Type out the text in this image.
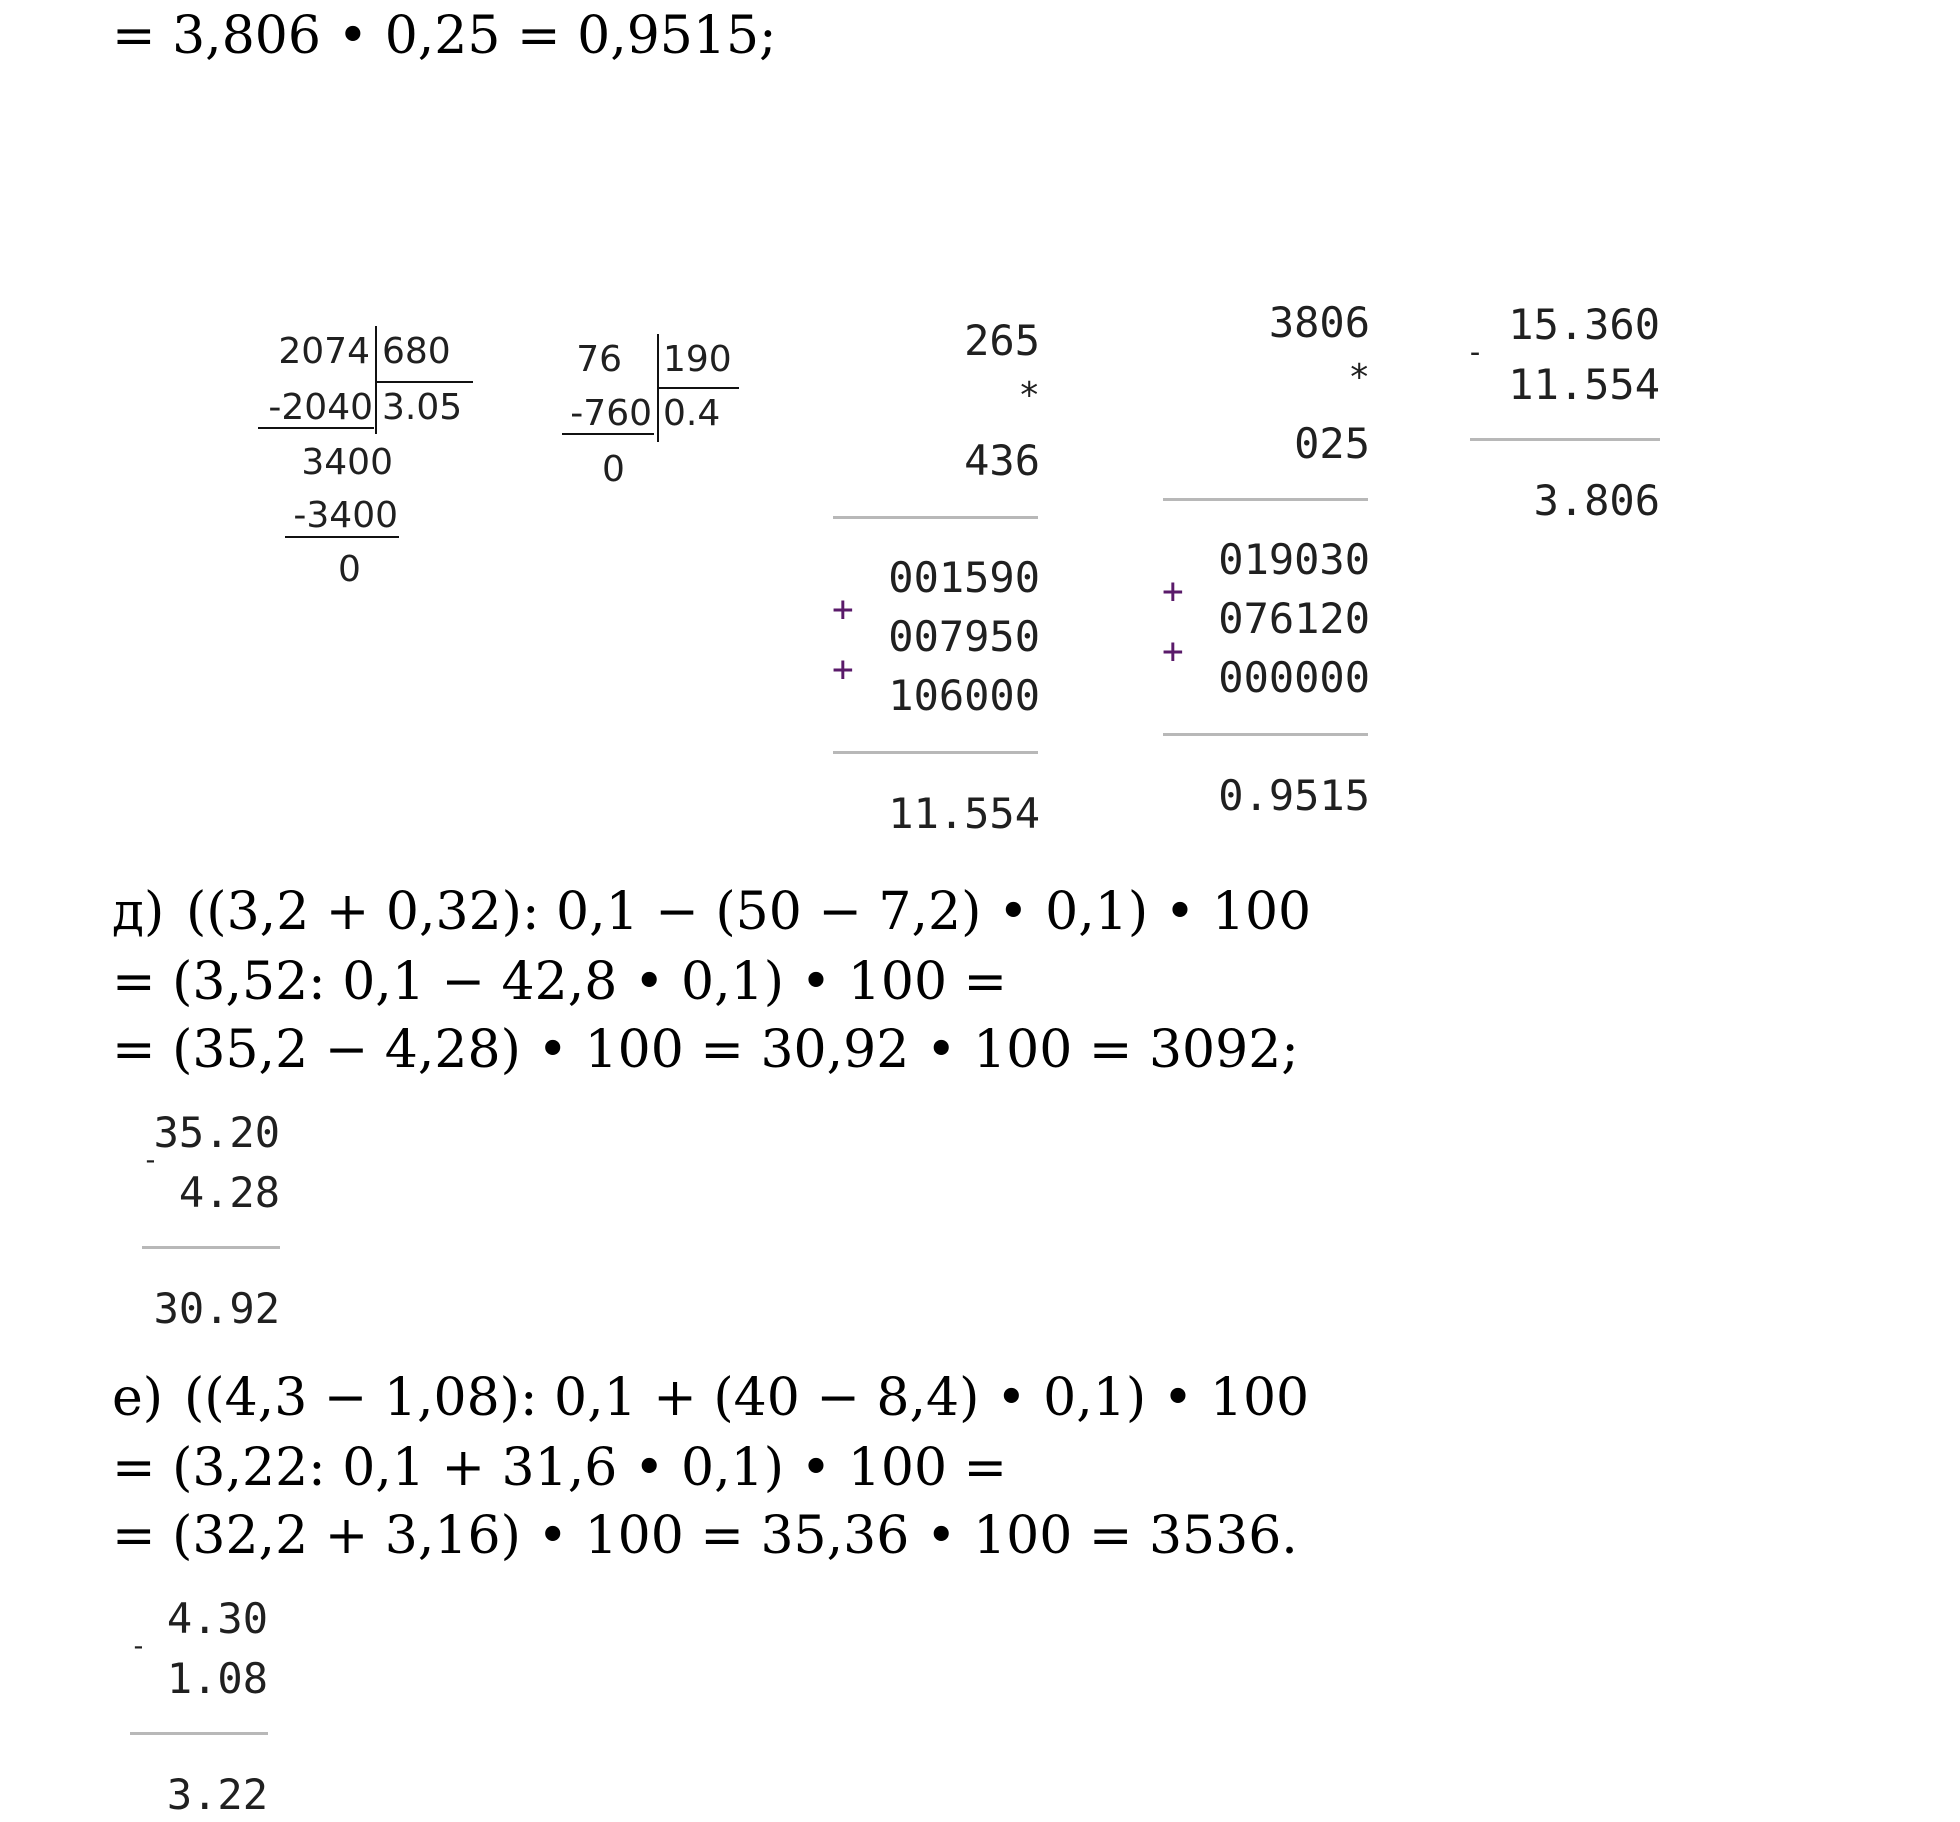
= 3,806 • 0,25 = 0,9515;
2074 680
-2040 3.05
3400
-3400
0
76 190
-760 0.4
0
265
*
436
001590
+
007950
+
106000
11.554
3806
*
025
019030
+
076120
+
000000
0.9515
15.360
-
11.554
3.806
д) ((3,2 + 0,32): 0,1 − (50 − 7,2) • 0,1) • 100
= (3,52: 0,1 − 42,8 • 0,1) • 100 =
= (35,2 − 4,28) • 100 = 30,92 • 100 = 3092;
35.20
-
4.28
30.92
е) ((4,3 − 1,08): 0,1 + (40 − 8,4) • 0,1) • 100
= (3,22: 0,1 + 31,6 • 0,1) • 100 =
= (32,2 + 3,16) • 100 = 35,36 • 100 = 3536.
4.30
-
1.08
3.22
